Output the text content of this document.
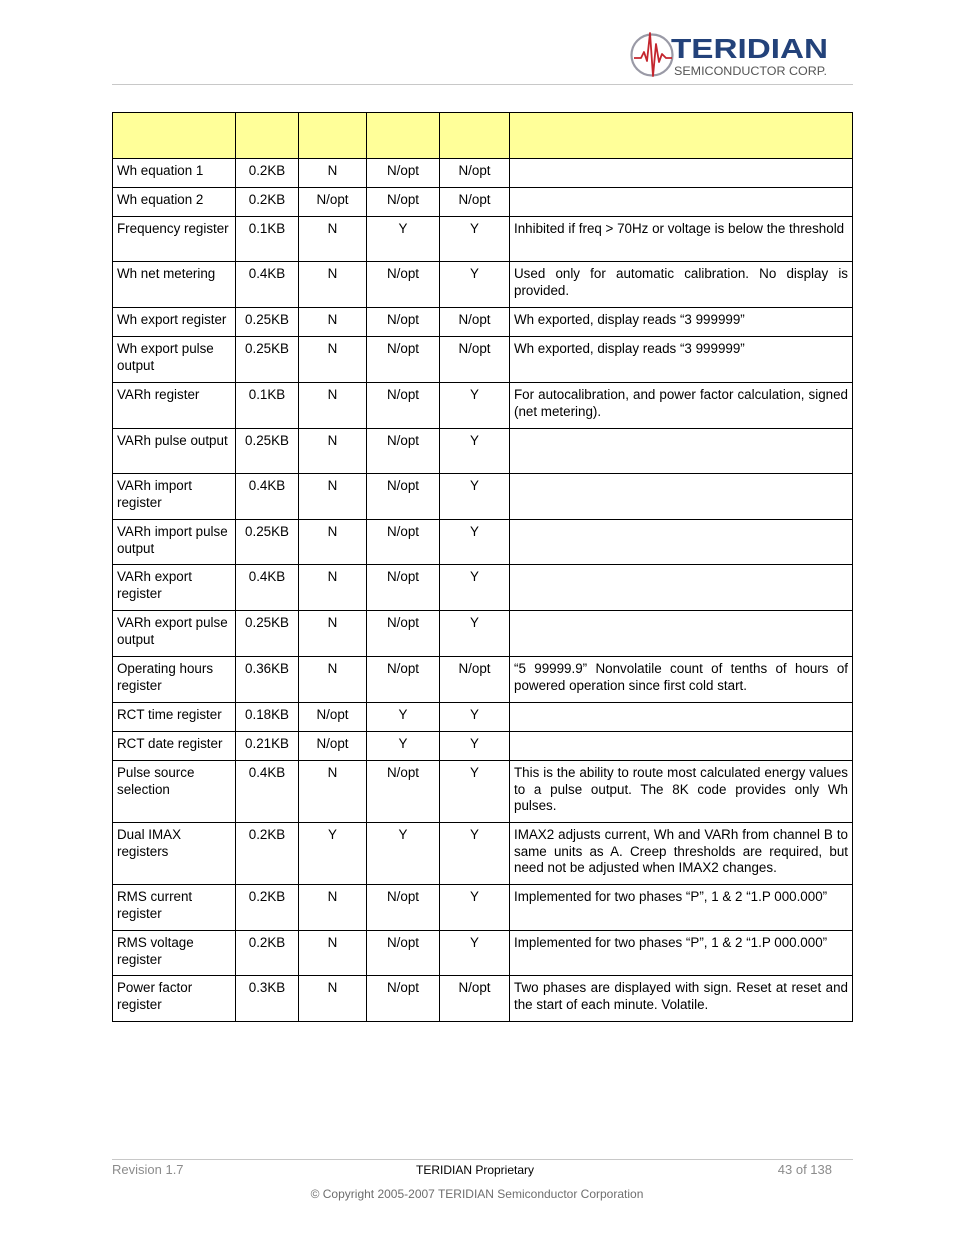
TERIDIAN
SEMICONDUCTOR CORP.

Wh equation 1	0.2KB	N	N/opt	N/opt	
Wh equation 2	0.2KB	N/opt	N/opt	N/opt	
Frequency register	0.1KB	N	Y	Y	Inhibited if freq > 70Hz or voltage is below the threshold
Wh net metering	0.4KB	N	N/opt	Y	Used only for automatic calibration. No display is provided.
Wh export register	0.25KB	N	N/opt	N/opt	Wh exported, display reads “3 999999”
Wh export pulse output	0.25KB	N	N/opt	N/opt	Wh exported, display reads “3 999999”
VARh register	0.1KB	N	N/opt	Y	For autocalibration, and power factor calculation, signed (net metering).
VARh pulse output	0.25KB	N	N/opt	Y	
VARh import register	0.4KB	N	N/opt	Y	
VARh import pulse output	0.25KB	N	N/opt	Y	
VARh export register	0.4KB	N	N/opt	Y	
VARh export pulse output	0.25KB	N	N/opt	Y	
Operating hours register	0.36KB	N	N/opt	N/opt	“5 99999.9” Nonvolatile count of tenths of hours of powered operation since first cold start.
RCT time register	0.18KB	N/opt	Y	Y	
RCT date register	0.21KB	N/opt	Y	Y	
Pulse source selection	0.4KB	N	N/opt	Y	This is the ability to route most calculated energy values to a pulse output. The 8K code provides only Wh pulses.
Dual IMAX registers	0.2KB	Y	Y	Y	IMAX2 adjusts current, Wh and VARh from channel B to same units as A. Creep thresholds are required, but need not be adjusted when IMAX2 changes.
RMS current register	0.2KB	N	N/opt	Y	Implemented for two phases “P”, 1 & 2 “1.P 000.000”
RMS voltage register	0.2KB	N	N/opt	Y	Implemented for two phases “P”, 1 & 2 “1.P 000.000”
Power factor register	0.3KB	N	N/opt	N/opt	Two phases are displayed with sign. Reset at reset and the start of each minute. Volatile.
Revision 1.7	TERIDIAN Proprietary	43 of 138
© Copyright 2005-2007 TERIDIAN Semiconductor Corporation
